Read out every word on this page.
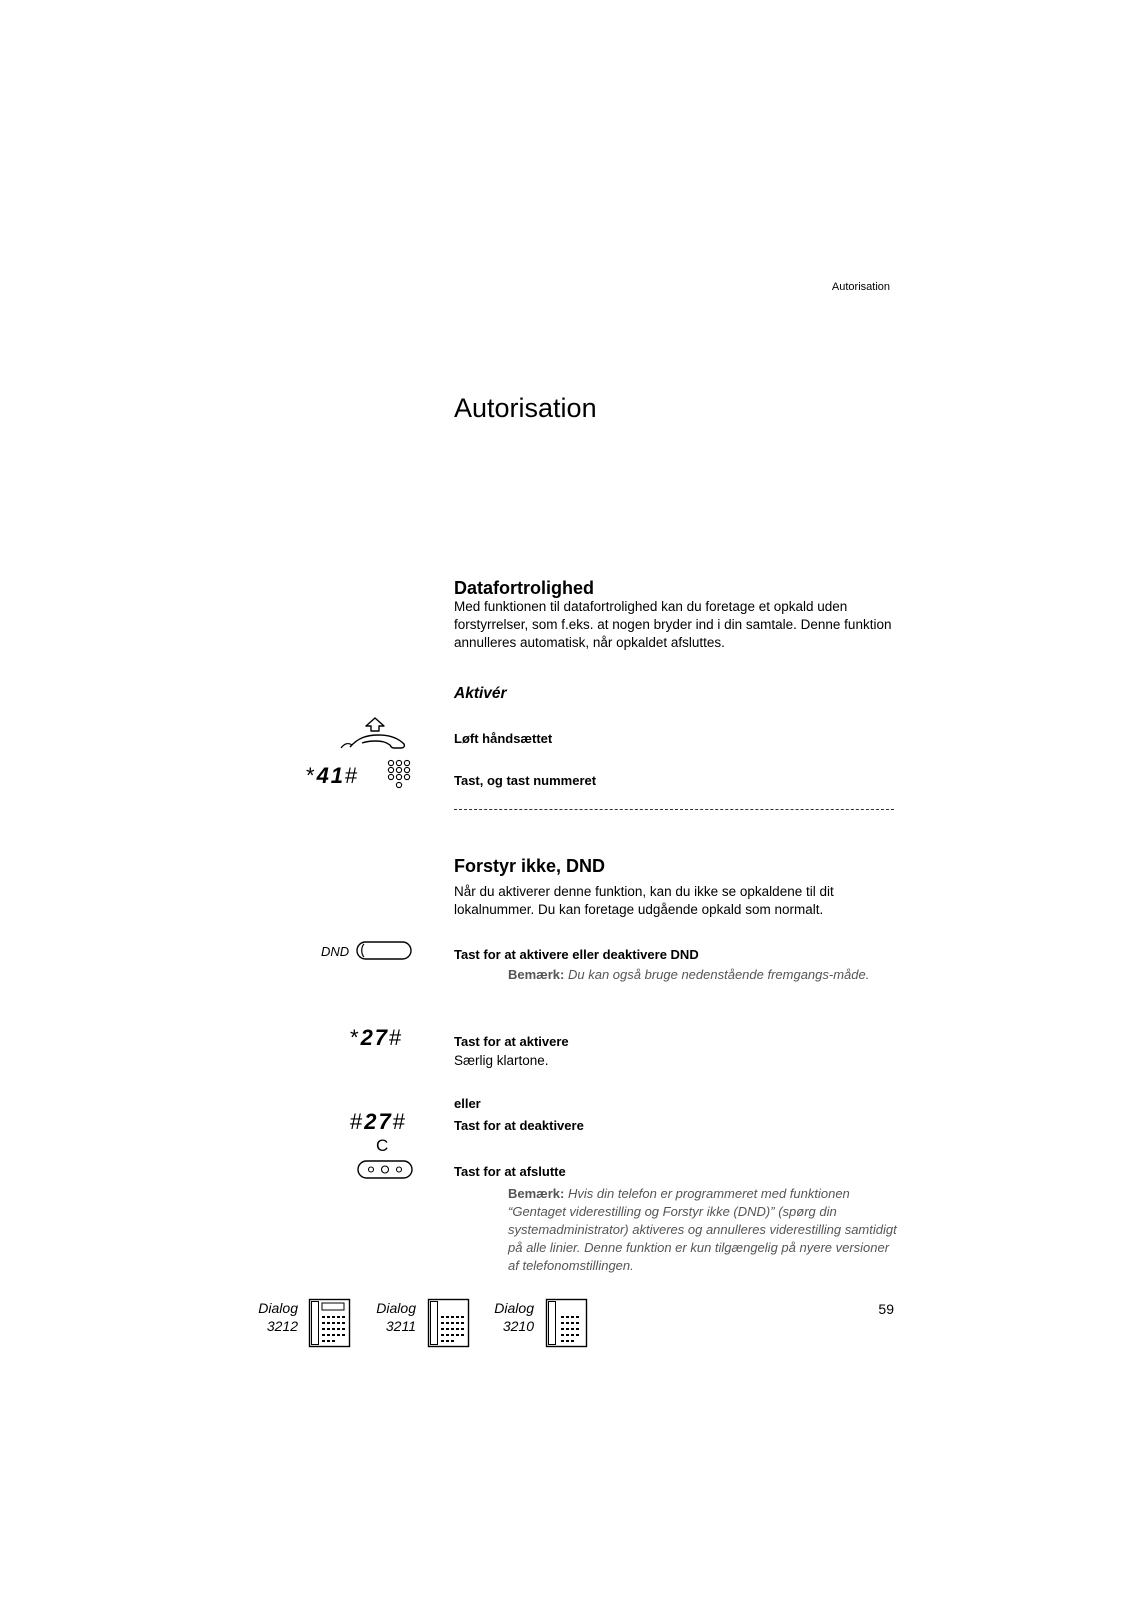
Autorisation
Autorisation
Datafortrolighed
Med funktionen til datafortrolighed kan du foretage et opkald uden forstyrrelser, som f.eks. at nogen bryder ind i din samtale. Denne funktion annulleres automatisk, når opkaldet afsluttes.
Aktivér
Løft håndsættet
*41#	Tast, og tast nummeret
Forstyr ikke, DND
Når du aktiverer denne funktion, kan du ikke se opkaldene til dit lokalnummer. Du kan foretage udgående opkald som normalt.
DND	Tast for at aktivere eller deaktivere DND
Bemærk: Du kan også bruge nedenstående fremgangs-måde.
*27#	Tast for at aktivere
Særlig klartone.
eller
#27#	Tast for at deaktivere
C
Tast for at afslutte
Bemærk: Hvis din telefon er programmeret med funktionen “Gentaget viderestilling og Forstyr ikke (DND)” (spørg din systemadministrator) aktiveres og annulleres viderestilling samtidigt på alle linier. Denne funktion er kun tilgængelig på nyere versioner af telefonomstillingen.
Dialog
3212
Dialog
3211
Dialog
3210
59
